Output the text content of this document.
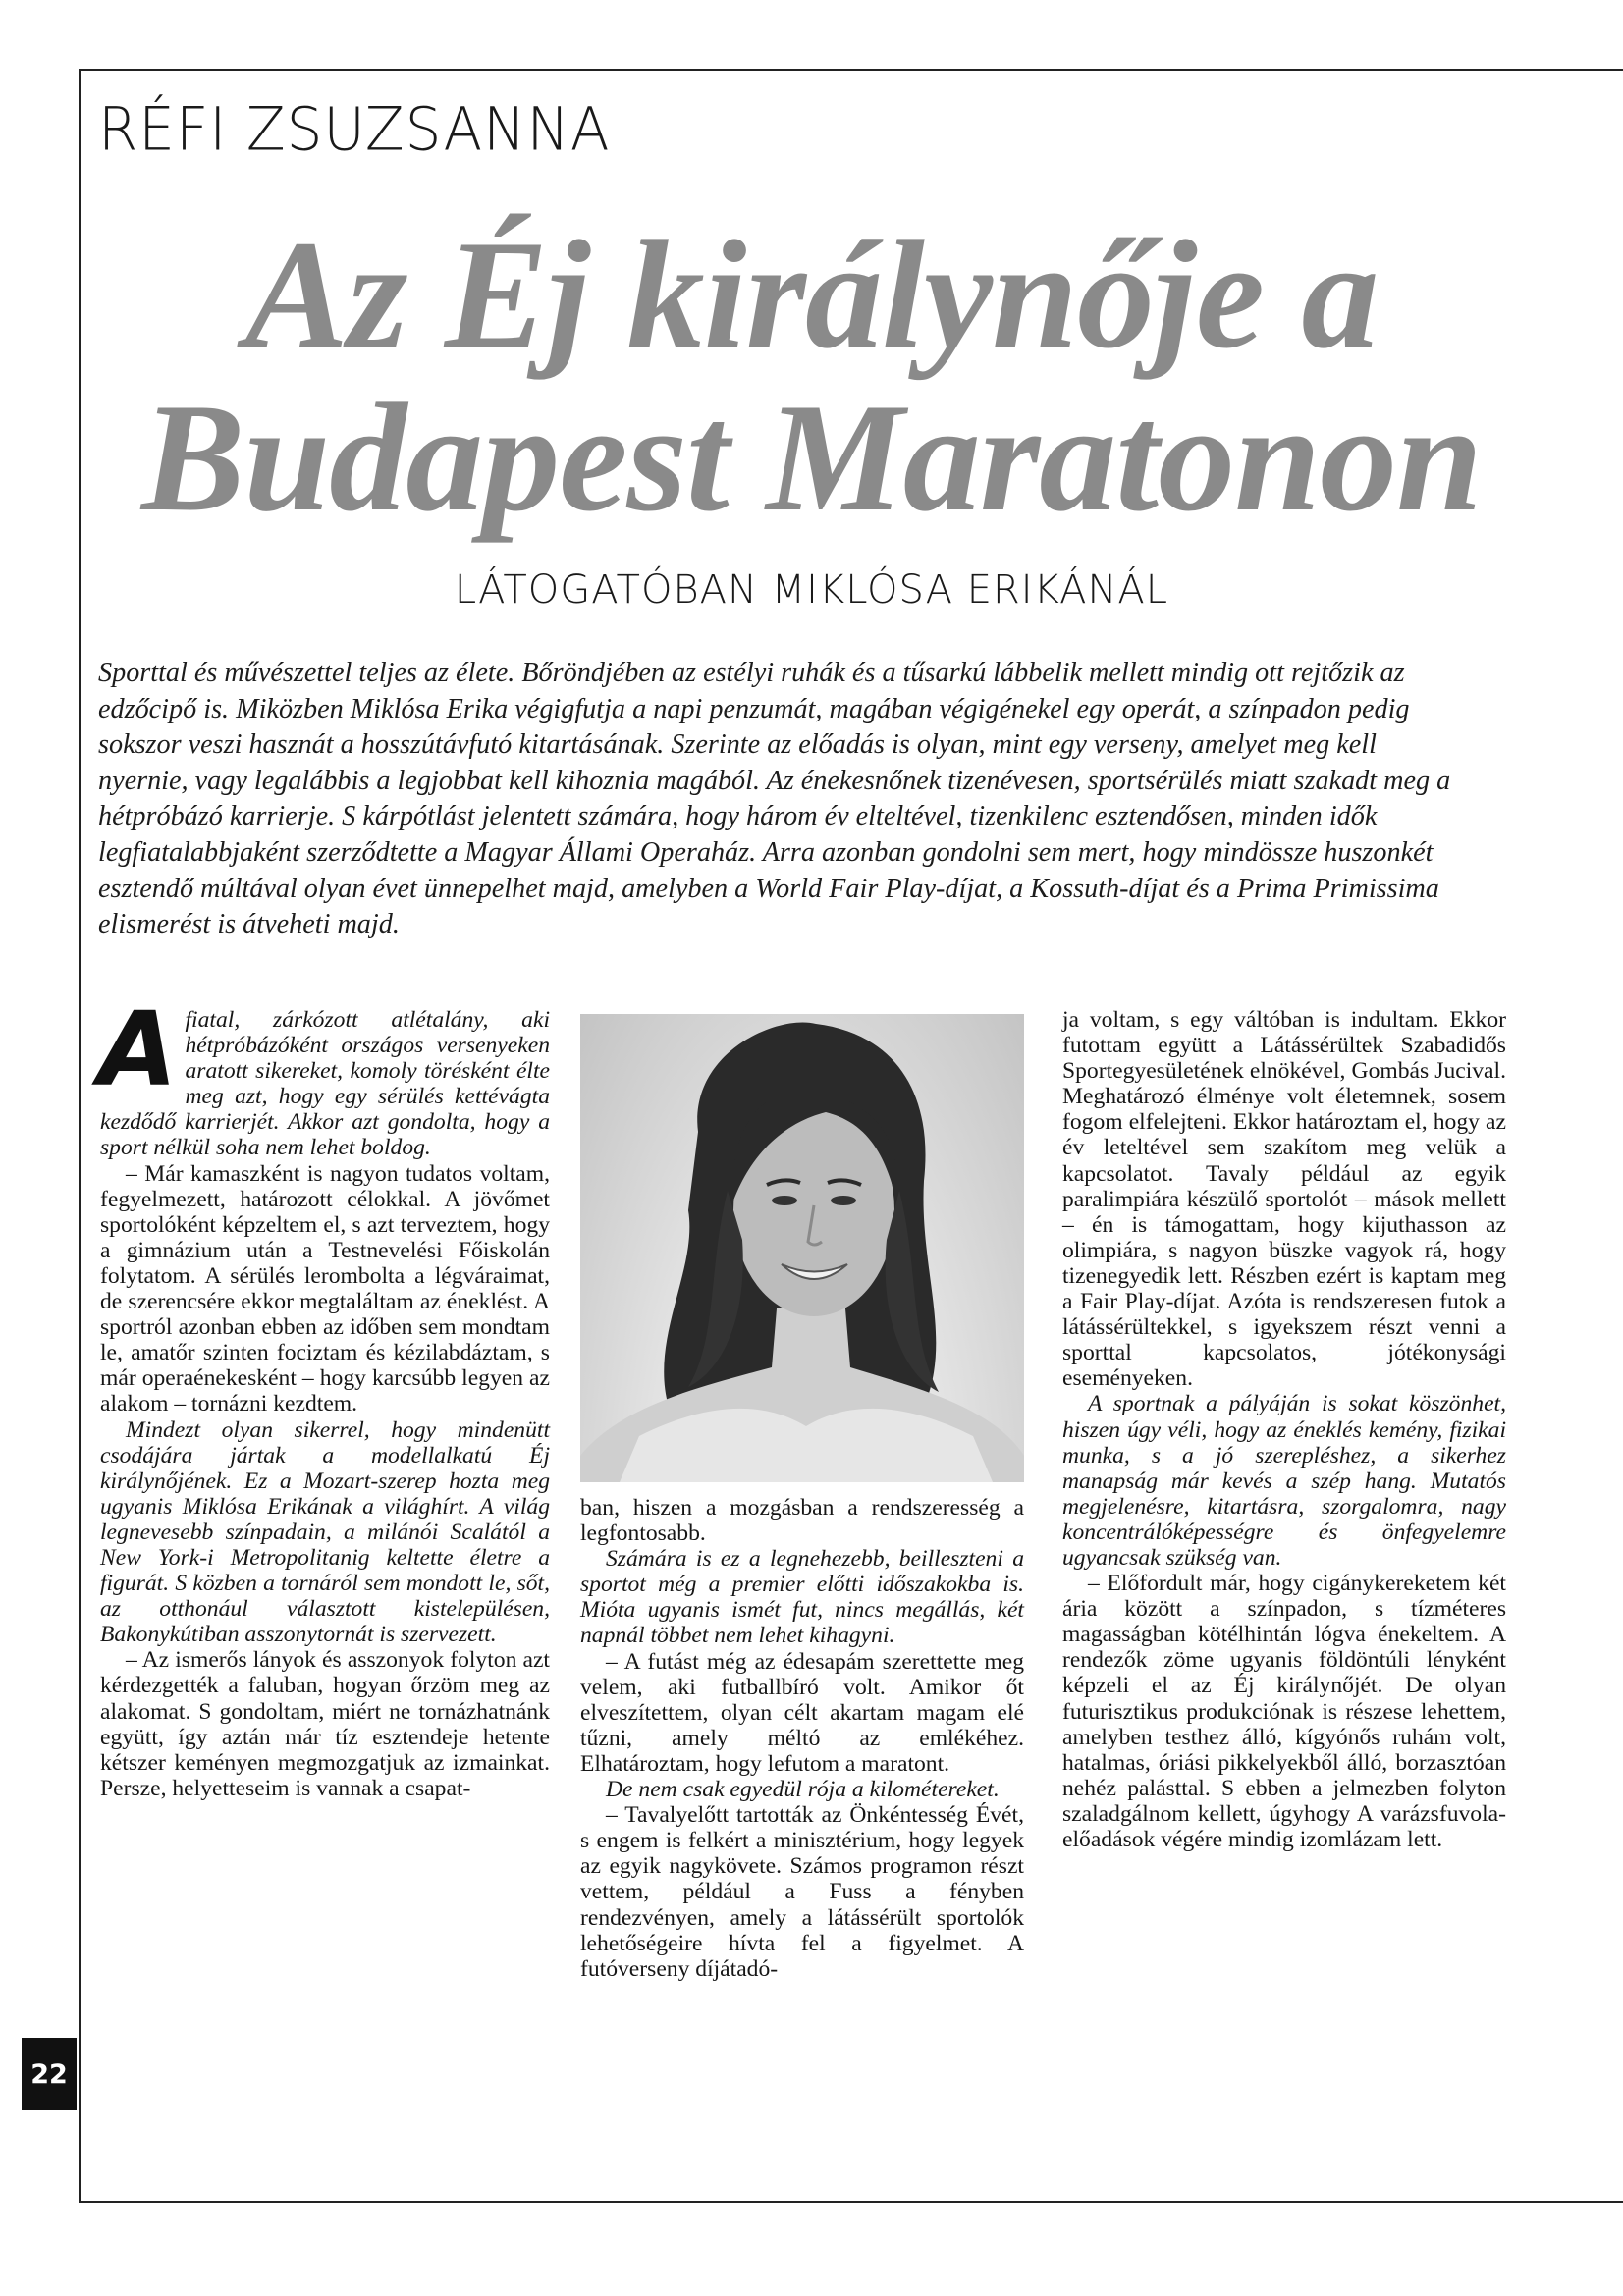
RÉFI ZSUZSANNA
Az Éj királynője a
Budapest Maratonon
LÁTOGATÓBAN MIKLÓSA ERIKÁNÁL
Sporttal és művészettel teljes az élete. Bőröndjében az estélyi ruhák és a tűsarkú lábbelik mellett mindig ott rejtőzik az edzőcipő is. Miközben Miklósa Erika végigfutja a napi penzumát, magában végigénekel egy operát, a színpadon pedig sokszor veszi hasznát a hosszútávfutó kitartásának. Szerinte az előadás is olyan, mint egy verseny, amelyet meg kell nyernie, vagy legalábbis a legjobbat kell kihoznia magából. Az énekesnőnek tizenévesen, sportsérülés miatt szakadt meg a hétpróbázó karrierje. S kárpótlást jelentett számára, hogy három év elteltével, tizenkilenc esztendősen, minden idők legfiatalabbjaként szerződtette a Magyar Állami Operaház. Arra azonban gondolni sem mert, hogy mindössze huszonkét esztendő múltával olyan évet ünnepelhet majd, amelyben a World Fair Play-díjat, a Kossuth-díjat és a Prima Primissima elismerést is átveheti majd.

Afiatal, zárkózott atlétalány, aki hétpróbázóként országos versenyeken aratott sikereket, komoly törésként élte meg azt, hogy egy sérülés kettévágta kezdődő karrierjét. Akkor azt gondolta, hogy a sport nélkül soha nem lehet boldog.

– Már kamaszként is nagyon tudatos voltam, fegyelmezett, határozott célokkal. A jövőmet sportolóként képzeltem el, s azt terveztem, hogy a gimnázium után a Testnevelési Főiskolán folytatom. A sérülés lerombolta a légváraimat, de szerencsére ekkor megtaláltam az éneklést. A sportról azonban ebben az időben sem mondtam le, amatőr szinten fociztam és kézilabdáztam, s már operaénekesként – hogy karcsúbb legyen az alakom – tornázni kezdtem.

Mindezt olyan sikerrel, hogy mindenütt csodájára jártak a modellalkatú Éj királynőjének. Ez a Mozart-szerep hozta meg ugyanis Miklósa Erikának a világhírt. A világ legnevesebb színpadain, a milánói Scalától a New York-i Metropolitanig keltette életre a figurát. S közben a tornáról sem mondott le, sőt, az otthonául választott kistelepülésen, Bakonykútiban asszonytornát is szervezett.

– Az ismerős lányok és asszonyok folyton azt kérdezgették a faluban, hogyan őrzöm meg az alakomat. S gondoltam, miért ne tornázhatnánk együtt, így aztán már tíz esztendeje hetente kétszer keményen megmozgatjuk az izmainkat. Persze, helyetteseim is vannak a csapat-

ban, hiszen a mozgásban a rendszeresség a legfontosabb.

Számára is ez a legnehezebb, beilleszteni a sportot még a premier előtti időszakokba is. Mióta ugyanis ismét fut, nincs megállás, két napnál többet nem lehet kihagyni.

– A futást még az édesapám szerettette meg velem, aki futballbíró volt. Amikor őt elveszítettem, olyan célt akartam magam elé tűzni, amely méltó az emlékéhez. Elhatároztam, hogy lefutom a maratont.

De nem csak egyedül rója a kilométereket.

– Tavalyelőtt tartották az Önkéntesség Évét, s engem is felkért a minisztérium, hogy legyek az egyik nagykövete. Számos programon részt vettem, például a Fuss a fényben rendezvényen, amely a látássérült sportolók lehetőségeire hívta fel a figyelmet. A futóverseny díjátadó-

ja voltam, s egy váltóban is indultam. Ekkor futottam együtt a Látássérültek Szabadidős Sportegyesületének elnökével, Gombás Jucival. Meghatározó élménye volt életemnek, sosem fogom elfelejteni. Ekkor határoztam el, hogy az év leteltével sem szakítom meg velük a kapcsolatot. Tavaly például az egyik paralimpiára készülő sportolót – mások mellett – én is támogattam, hogy kijuthasson az olimpiára, s nagyon büszke vagyok rá, hogy tizenegyedik lett. Részben ezért is kaptam meg a Fair Play-díjat. Azóta is rendszeresen futok a látássérültekkel, s igyekszem részt venni a sporttal kapcsolatos, jótékonysági eseményeken.

A sportnak a pályáján is sokat köszönhet, hiszen úgy véli, hogy az éneklés kemény, fizikai munka, s a jó szerepléshez, a sikerhez manapság már kevés a szép hang. Mutatós megjelenésre, kitartásra, szorgalomra, nagy koncentrálóképességre és önfegyelemre ugyancsak szükség van.

– Előfordult már, hogy cigánykereketem két ária között a színpadon, s tízméteres magasságban kötélhintán lógva énekeltem. A rendezők zöme ugyanis földöntúli lényként képzeli el az Éj királynőjét. De olyan futurisztikus produkciónak is részese lehettem, amelyben testhez álló, kígyónős ruhám volt, hatalmas, óriási pikkelyekből álló, borzasztóan nehéz palásttal. S ebben a jelmezben folyton szaladgálnom kellett, úgyhogy A varázsfuvola-előadások végére mindig izomlázam lett.

22
